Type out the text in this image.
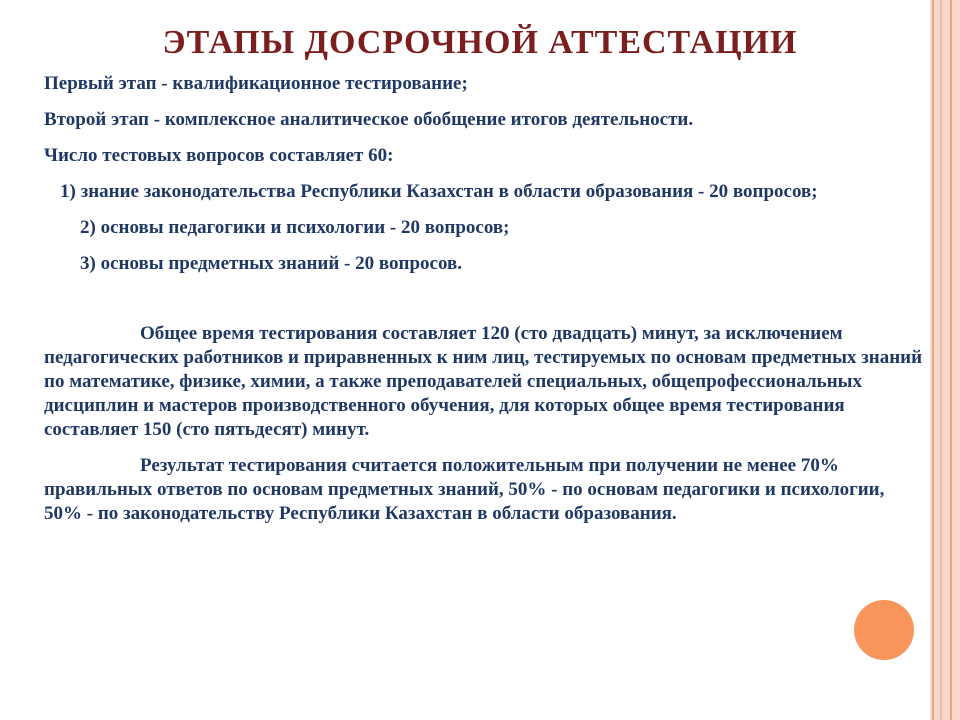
ЭТАПЫ ДОСРОЧНОЙ АТТЕСТАЦИИ

Первый этап - квалификационное тестирование;

Второй этап - комплексное аналитическое обобщение итогов деятельности.

Число тестовых вопросов составляет 60:

1) знание законодательства Республики Казахстан в области образования - 20 вопросов;

2) основы педагогики и психологии - 20 вопросов;

3) основы предметных знаний - 20 вопросов.

Общее время тестирования составляет 120 (сто двадцать) минут, за исключением педагогических работников и приравненных к ним лиц, тестируемых по основам предметных знаний по математике, физике, химии, а также преподавателей специальных, общепрофессиональных дисциплин и мастеров производственного обучения, для которых общее время тестирования составляет 150 (сто пятьдесят) минут.

Результат тестирования считается положительным при получении не менее 70% правильных ответов по основам предметных знаний, 50% - по основам педагогики и психологии, 50% - по законодательству Республики Казахстан в области образования.
